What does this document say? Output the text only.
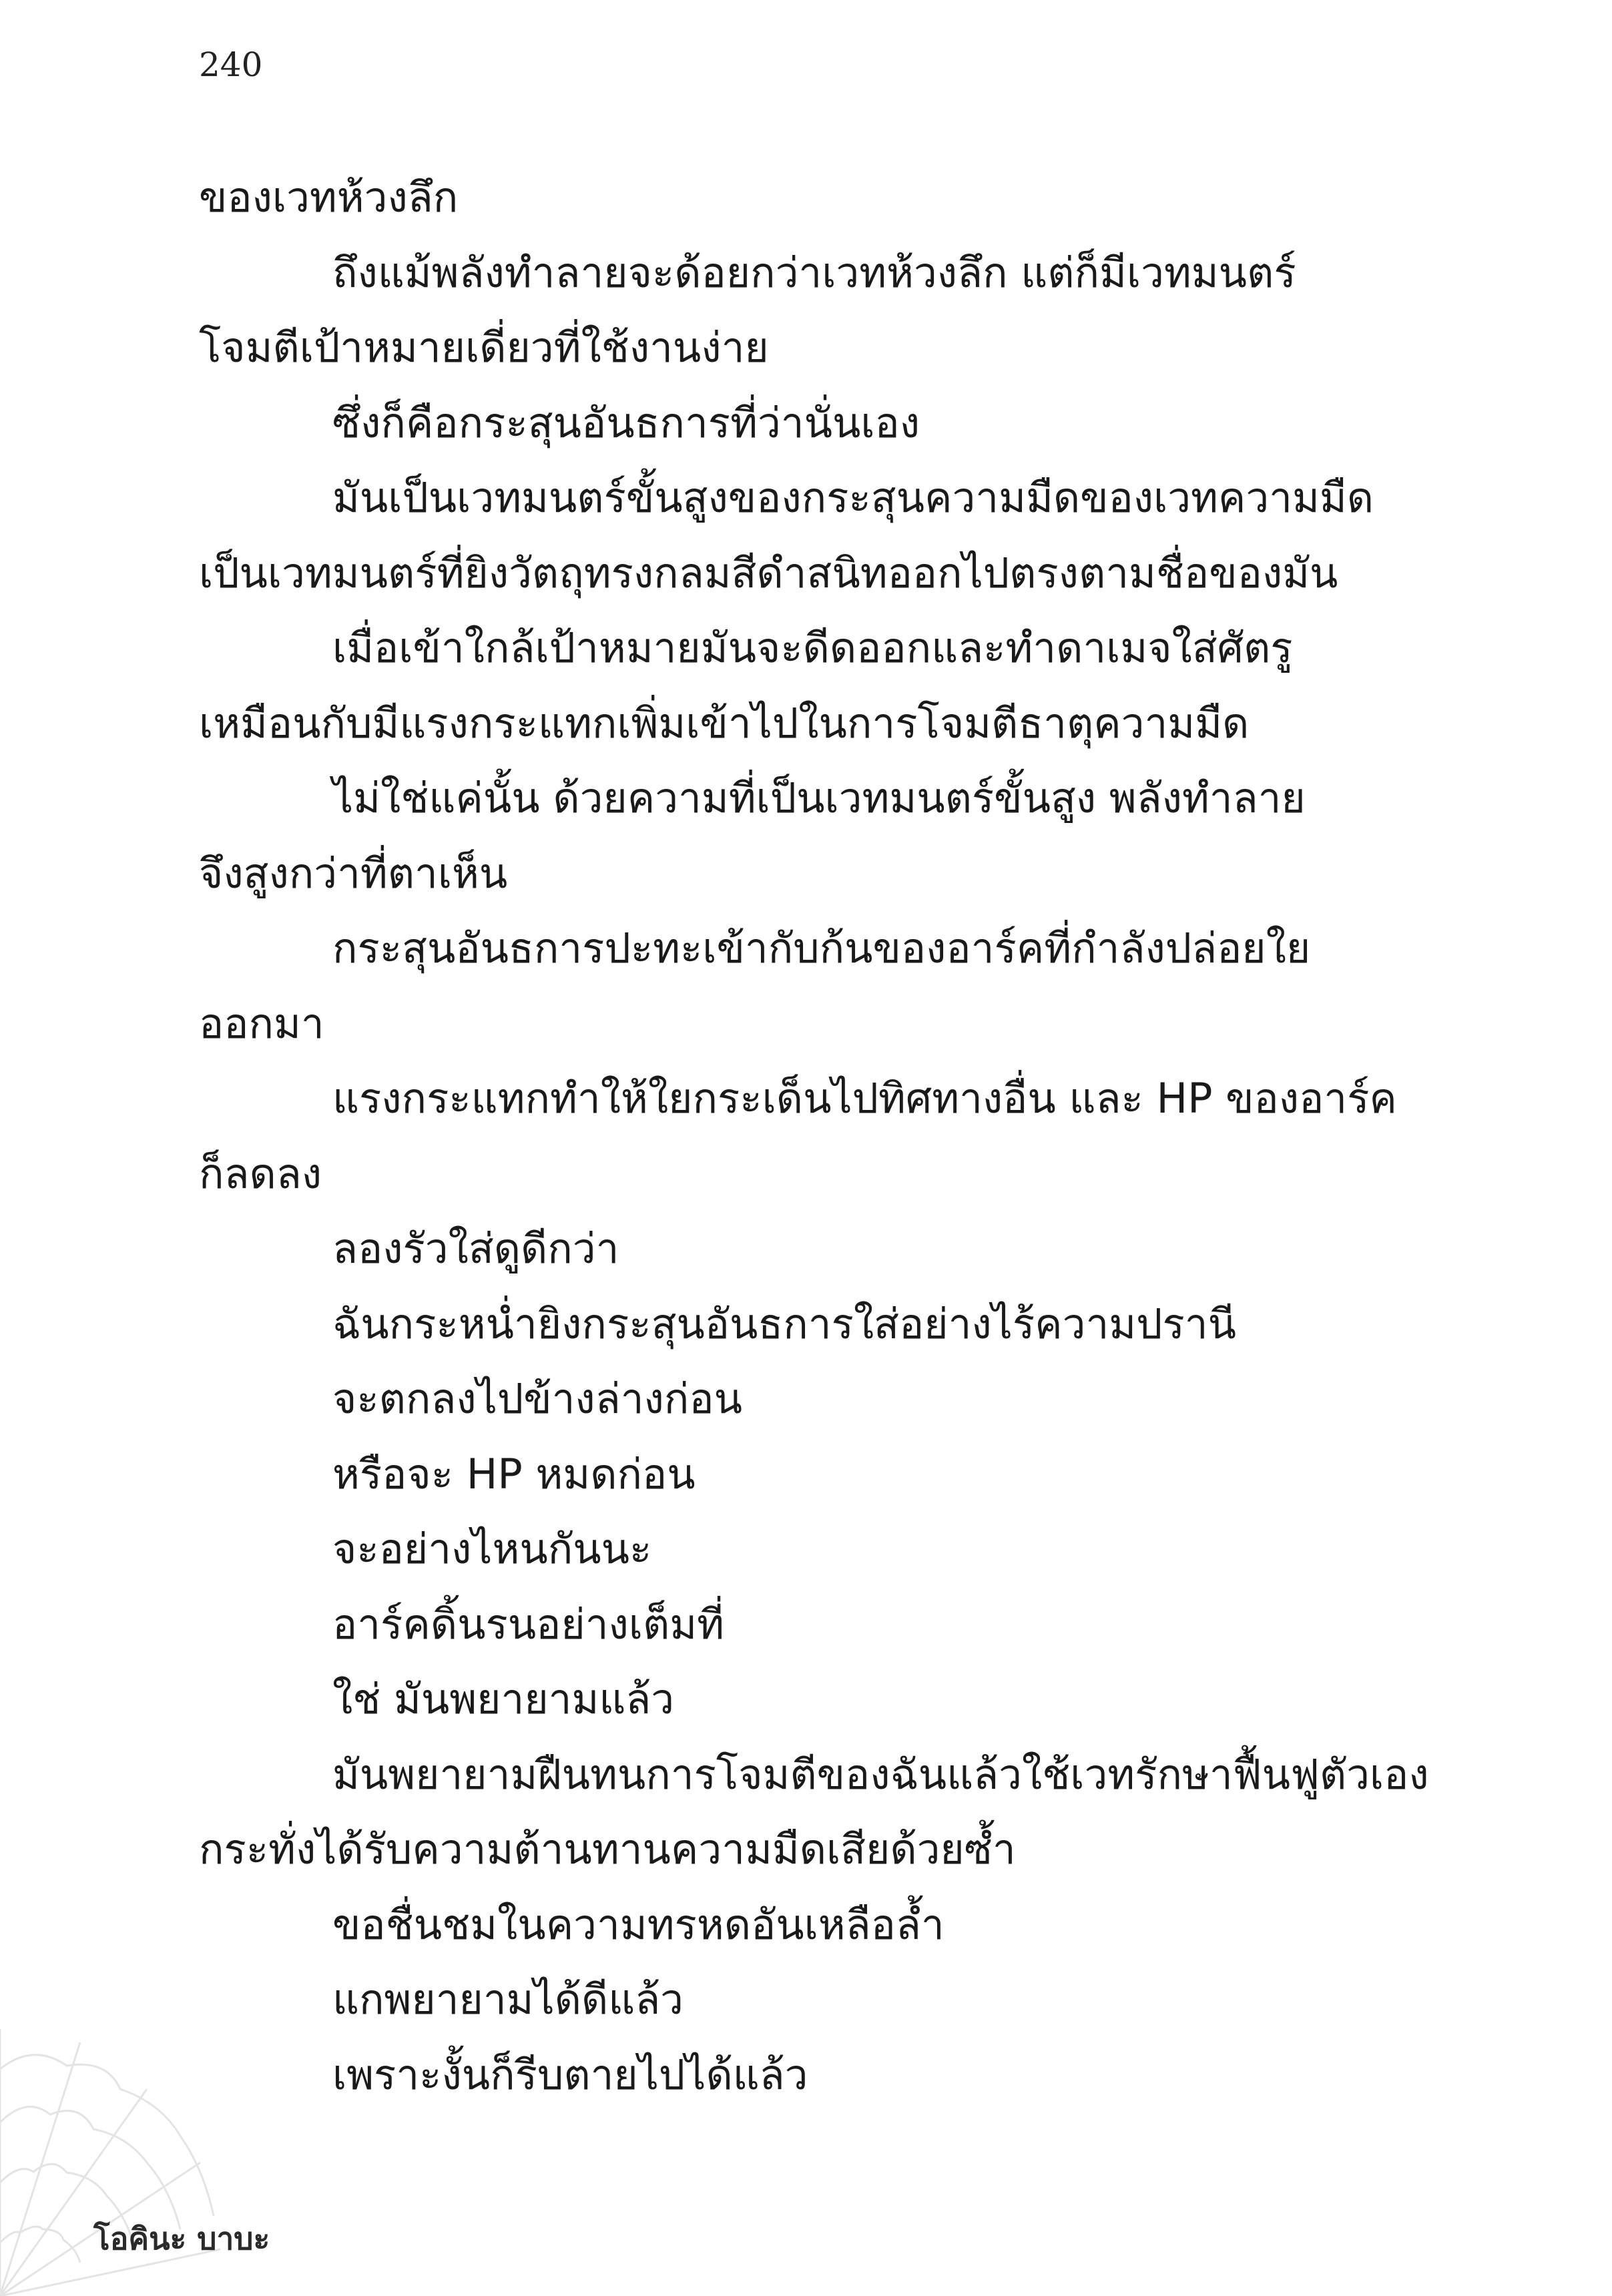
240
ของเวทห้วงลึก
ถึงแม้พลังทำลายจะด้อยกว่าเวทห้วงลึก แต่ก็มีเวทมนตร์
โจมตีเป้าหมายเดี่ยวที่ใช้งานง่าย
ซึ่งก็คือกระสุนอันธการที่ว่านั่นเอง
มันเป็นเวทมนตร์ขั้นสูงของกระสุนความมืดของเวทความมืด
เป็นเวทมนตร์ที่ยิงวัตถุทรงกลมสีดำสนิทออกไปตรงตามชื่อของมัน
เมื่อเข้าใกล้เป้าหมายมันจะดีดออกและทำดาเมจใส่ศัตรู
เหมือนกับมีแรงกระแทกเพิ่มเข้าไปในการโจมตีธาตุความมืด
ไม่ใช่แค่นั้น ด้วยความที่เป็นเวทมนตร์ขั้นสูง พลังทำลาย
จึงสูงกว่าที่ตาเห็น
กระสุนอันธการปะทะเข้ากับก้นของอาร์คที่กำลังปล่อยใย
ออกมา
แรงกระแทกทำให้ใยกระเด็นไปทิศทางอื่น และ HP ของอาร์ค
ก็ลดลง
ลองรัวใส่ดูดีกว่า
ฉันกระหน่ำยิงกระสุนอันธการใส่อย่างไร้ความปรานี
จะตกลงไปข้างล่างก่อน
หรือจะ HP หมดก่อน
จะอย่างไหนกันนะ
อาร์คดิ้นรนอย่างเต็มที่
ใช่ มันพยายามแล้ว
มันพยายามฝืนทนการโจมตีของฉันแล้วใช้เวทรักษาฟื้นฟูตัวเอง
กระทั่งได้รับความต้านทานความมืดเสียด้วยซ้ำ
ขอชื่นชมในความทรหดอันเหลือล้ำ
แกพยายามได้ดีแล้ว
เพราะงั้นก็รีบตายไปได้แล้ว
โอคินะ บาบะ
